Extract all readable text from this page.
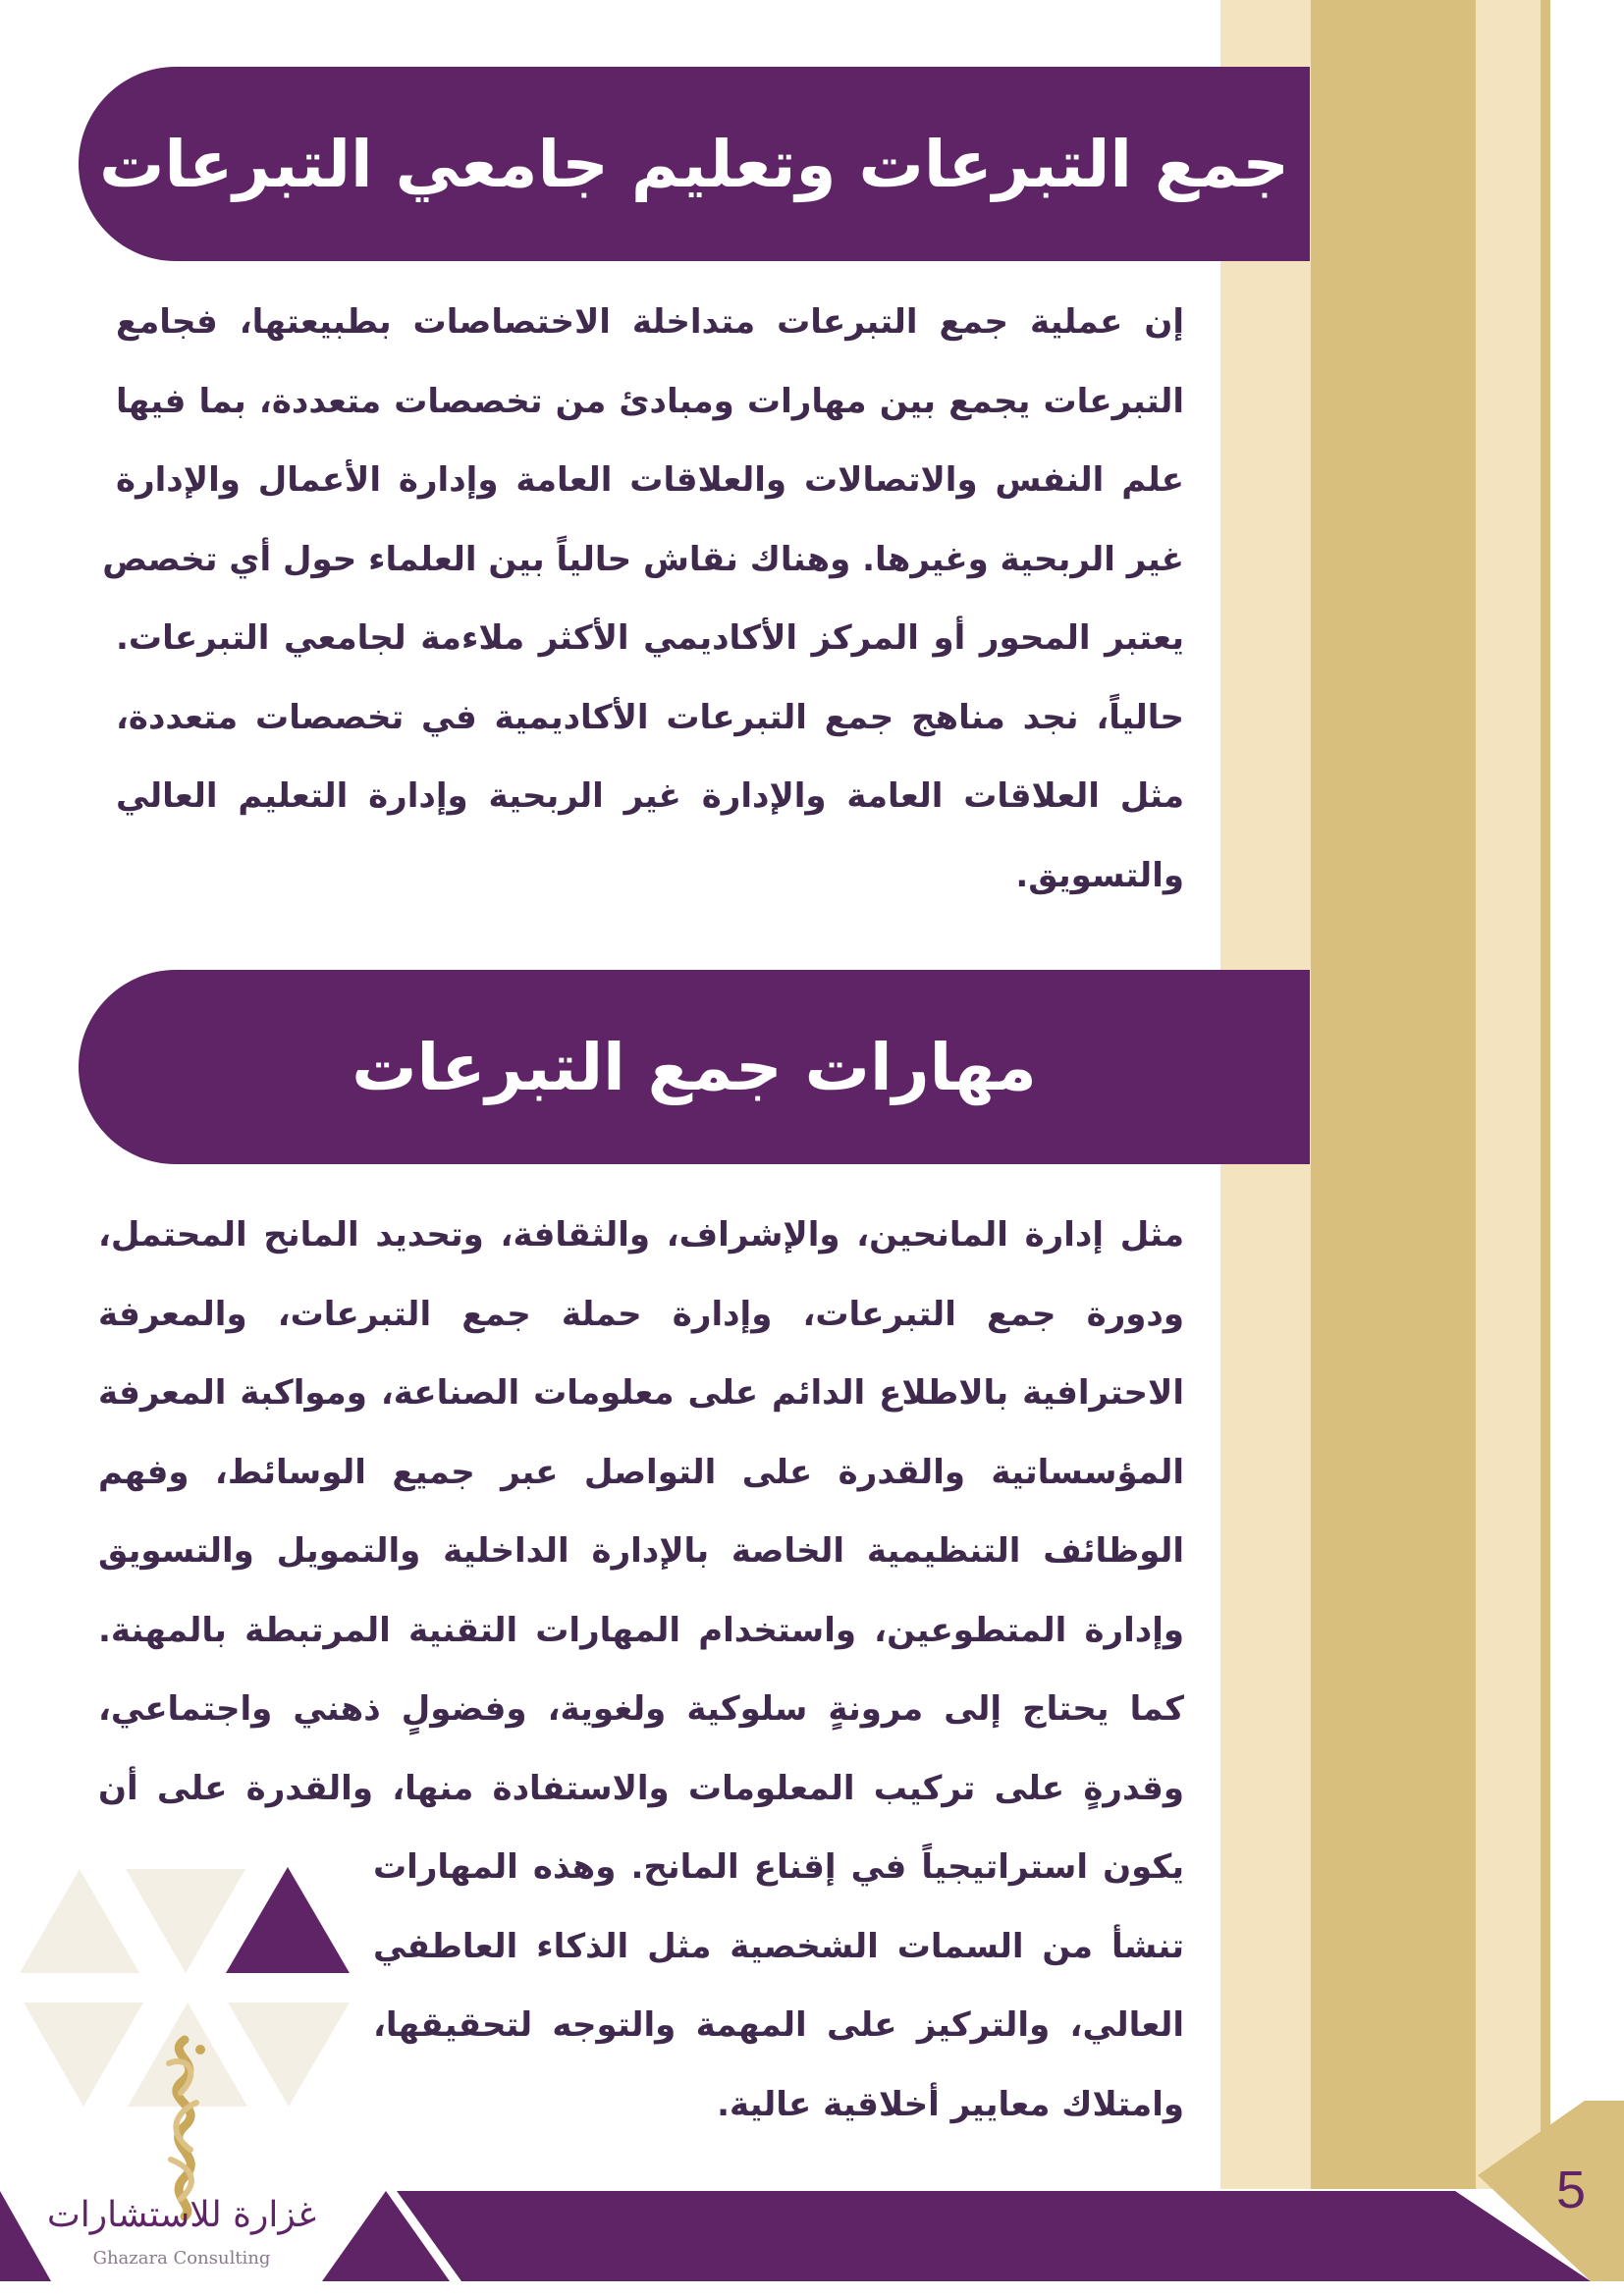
جمع التبرعات وتعليم جامعي التبرعات
إن عملية جمع التبرعات متداخلة الاختصاصات بطبيعتها، فجامع
التبرعات يجمع بين مهارات ومبادئ من تخصصات متعددة، بما فيها
علم النفس والاتصالات والعلاقات العامة وإدارة الأعمال والإدارة
غير الربحية وغيرها. وهناك نقاش حالياً بين العلماء حول أي تخصص
يعتبر المحور أو المركز الأكاديمي الأكثر ملاءمة لجامعي التبرعات.
حالياً، نجد مناهج جمع التبرعات الأكاديمية في تخصصات متعددة،
مثل العلاقات العامة والإدارة غير الربحية وإدارة التعليم العالي
والتسويق.
مهارات جمع التبرعات
مثل إدارة المانحين، والإشراف، والثقافة، وتحديد المانح المحتمل،
ودورة جمع التبرعات، وإدارة حملة جمع التبرعات، والمعرفة
الاحترافية بالاطلاع الدائم على معلومات الصناعة، ومواكبة المعرفة
المؤسساتية والقدرة على التواصل عبر جميع الوسائط، وفهم
الوظائف التنظيمية الخاصة بالإدارة الداخلية والتمويل والتسويق
وإدارة المتطوعين، واستخدام المهارات التقنية المرتبطة بالمهنة.
كما يحتاج إلى مرونةٍ سلوكية ولغوية، وفضولٍ ذهني واجتماعي،
وقدرةٍ على تركيب المعلومات والاستفادة منها، والقدرة على أن
يكون استراتيجياً في إقناع المانح. وهذه المهارات
تنشأ من السمات الشخصية مثل الذكاء العاطفي
العالي، والتركيز على المهمة والتوجه لتحقيقها،
وامتلاك معايير أخلاقية عالية.
غزارة للاستشارات
Ghazara Consulting
5
